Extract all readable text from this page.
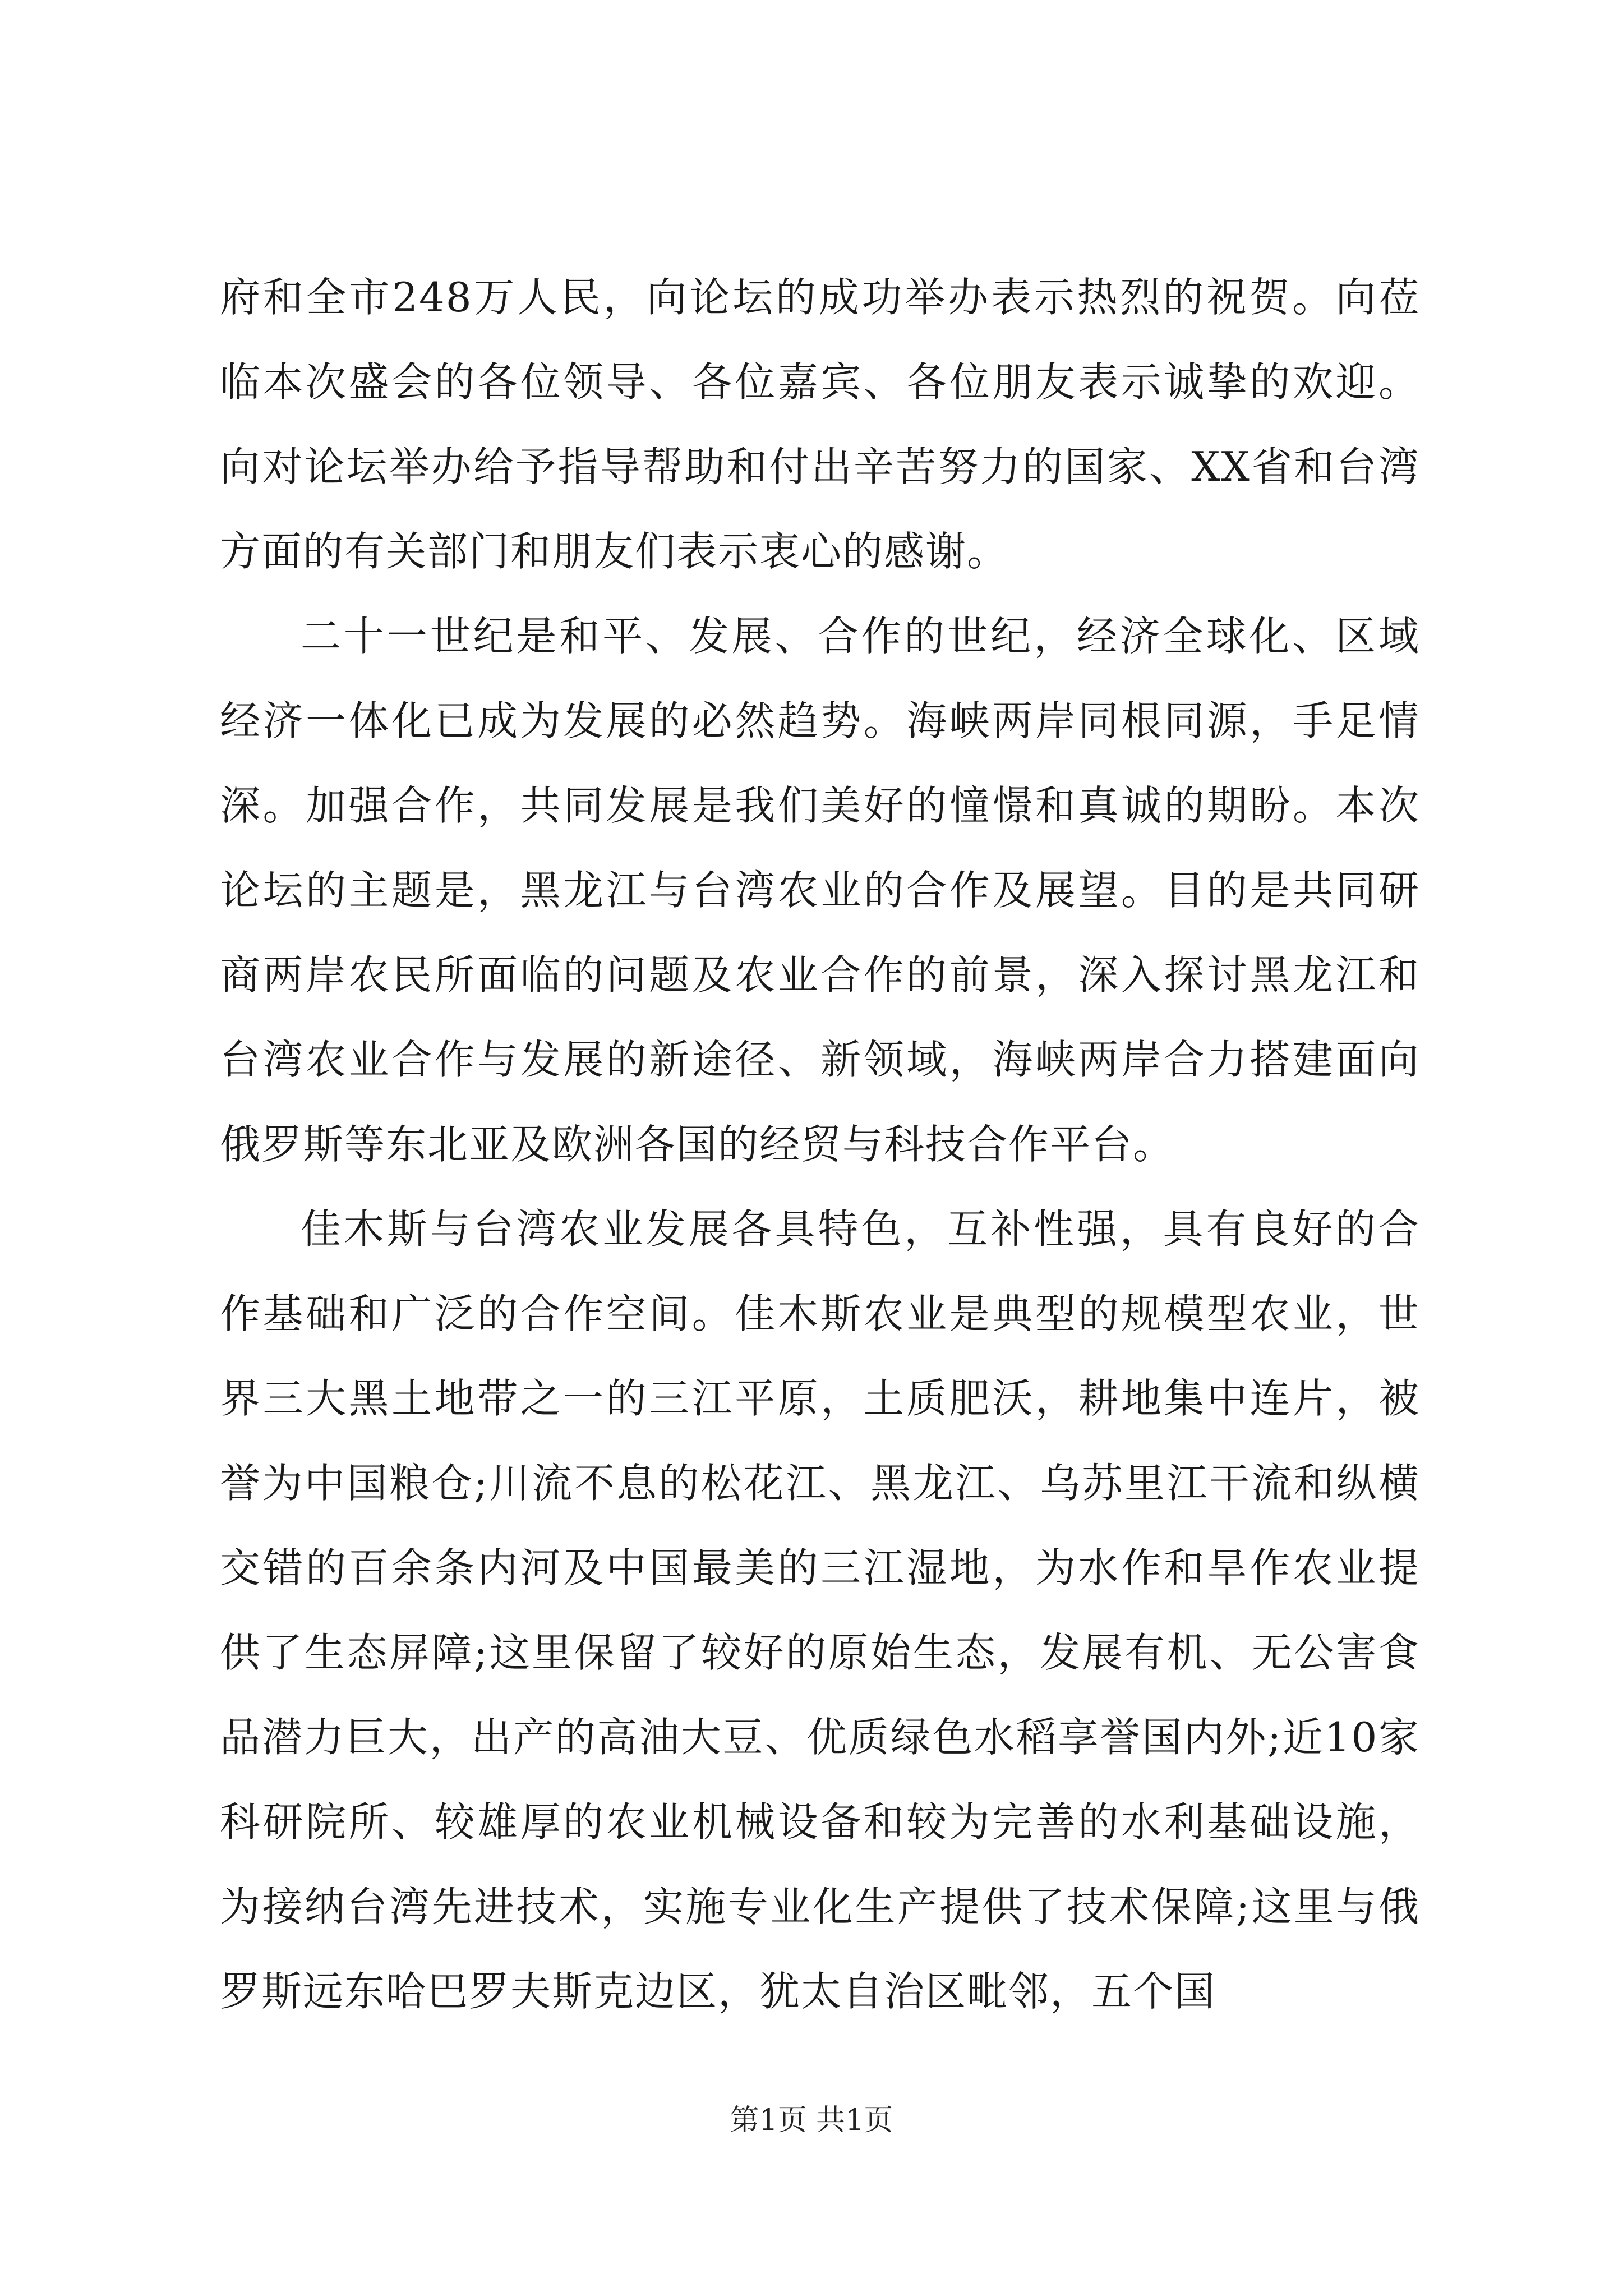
府和全市248万人民，向论坛的成功举办表示热烈的祝贺。向莅临本次盛会的各位领导、各位嘉宾、各位朋友表示诚挚的欢迎。向对论坛举办给予指导帮助和付出辛苦努力的国家、XX省和台湾方面的有关部门和朋友们表示衷心的感谢。

二十一世纪是和平、发展、合作的世纪，经济全球化、区域经济一体化已成为发展的必然趋势。海峡两岸同根同源，手足情深。加强合作，共同发展是我们美好的憧憬和真诚的期盼。本次论坛的主题是，黑龙江与台湾农业的合作及展望。目的是共同研商两岸农民所面临的问题及农业合作的前景，深入探讨黑龙江和台湾农业合作与发展的新途径、新领域，海峡两岸合力搭建面向俄罗斯等东北亚及欧洲各国的经贸与科技合作平台。

佳木斯与台湾农业发展各具特色，互补性强，具有良好的合作基础和广泛的合作空间。佳木斯农业是典型的规模型农业，世界三大黑土地带之一的三江平原，土质肥沃，耕地集中连片，被誉为中国粮仓;川流不息的松花江、黑龙江、乌苏里江干流和纵横交错的百余条内河及中国最美的三江湿地，为水作和旱作农业提供了生态屏障;这里保留了较好的原始生态，发展有机、无公害食品潜力巨大，出产的高油大豆、优质绿色水稻享誉国内外;近10家科研院所、较雄厚的农业机械设备和较为完善的水利基础设施，为接纳台湾先进技术，实施专业化生产提供了技术保障;这里与俄罗斯远东哈巴罗夫斯克边区，犹太自治区毗邻，五个国

第1页 共1页
